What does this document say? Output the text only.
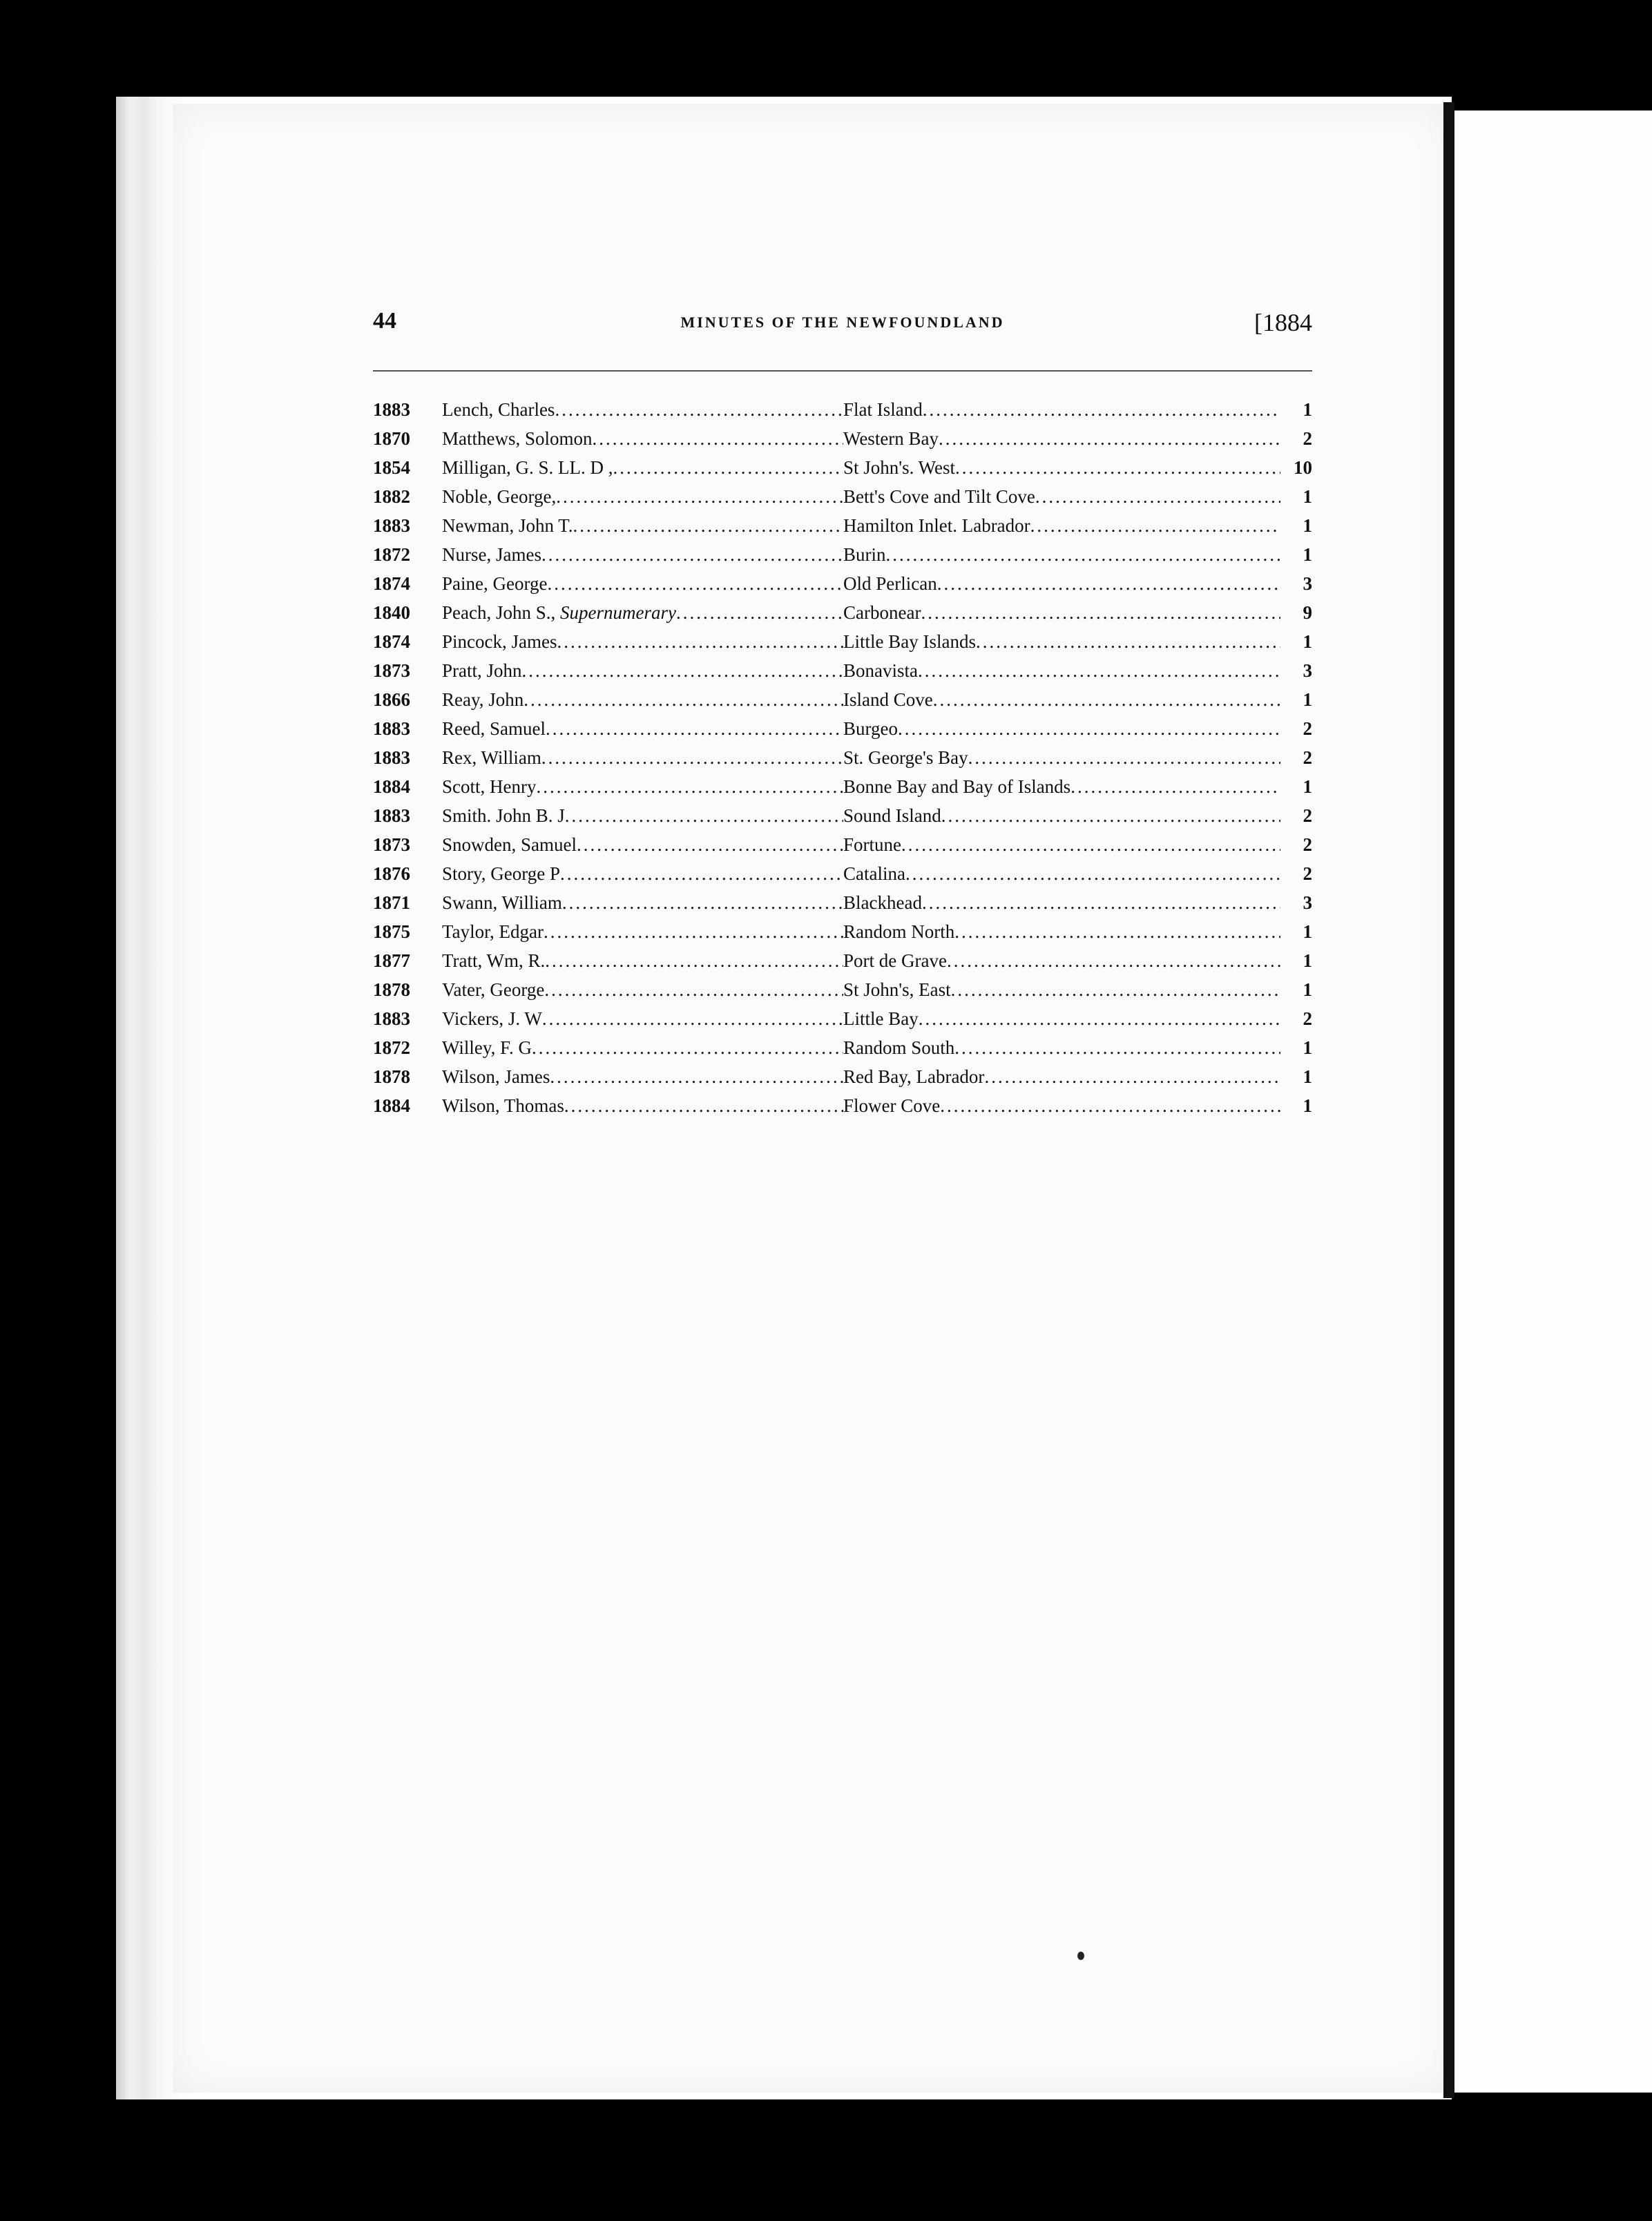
44	MINUTES OF THE NEWFOUNDLAND	[1884
1883	Lench, Charles .....	Flat Island .....	1
1870	Matthews, Solomon .....	Western Bay .....	2
1854	Milligan, G. S. LL. D , .....	St John's. West .....	10
1882	Noble, George, .....	Bett's Cove and Tilt Cove .....	1
1883	Newman, John T. .....	Hamilton Inlet. Labrador .....	1
1872	Nurse, James .....	Burin .....	1
1874	Paine, George .....	Old Perlican .....	3
1840	Peach, John S., Supernumerary .....	Carbonear .....	9
1874	Pincock, James .....	Little Bay Islands .....	1
1873	Pratt, John .....	Bonavista .....	3
1866	Reay, John .....	Island Cove .....	1
1883	Reed, Samuel .....	Burgeo .....	2
1883	Rex, William .....	St. George's Bay .....	2
1884	Scott, Henry .....	Bonne Bay and Bay of Islands .....	1
1883	Smith. John B. J .....	Sound Island .....	2
1873	Snowden, Samuel .....	Fortune .....	2
1876	Story, George P .....	Catalina .....	2
1871	Swann, William .....	Blackhead .....	3
1875	Taylor, Edgar .....	Random North .....	1
1877	Tratt, Wm, R. .....	Port de Grave .....	1
1878	Vater, George .....	St John's, East .....	1
1883	Vickers, J. W .....	Little Bay .....	2
1872	Willey, F. G .....	Random South .....	1
1878	Wilson, James .....	Red Bay, Labrador .....	1
1884	Wilson, Thomas .....	Flower Cove .....	1
